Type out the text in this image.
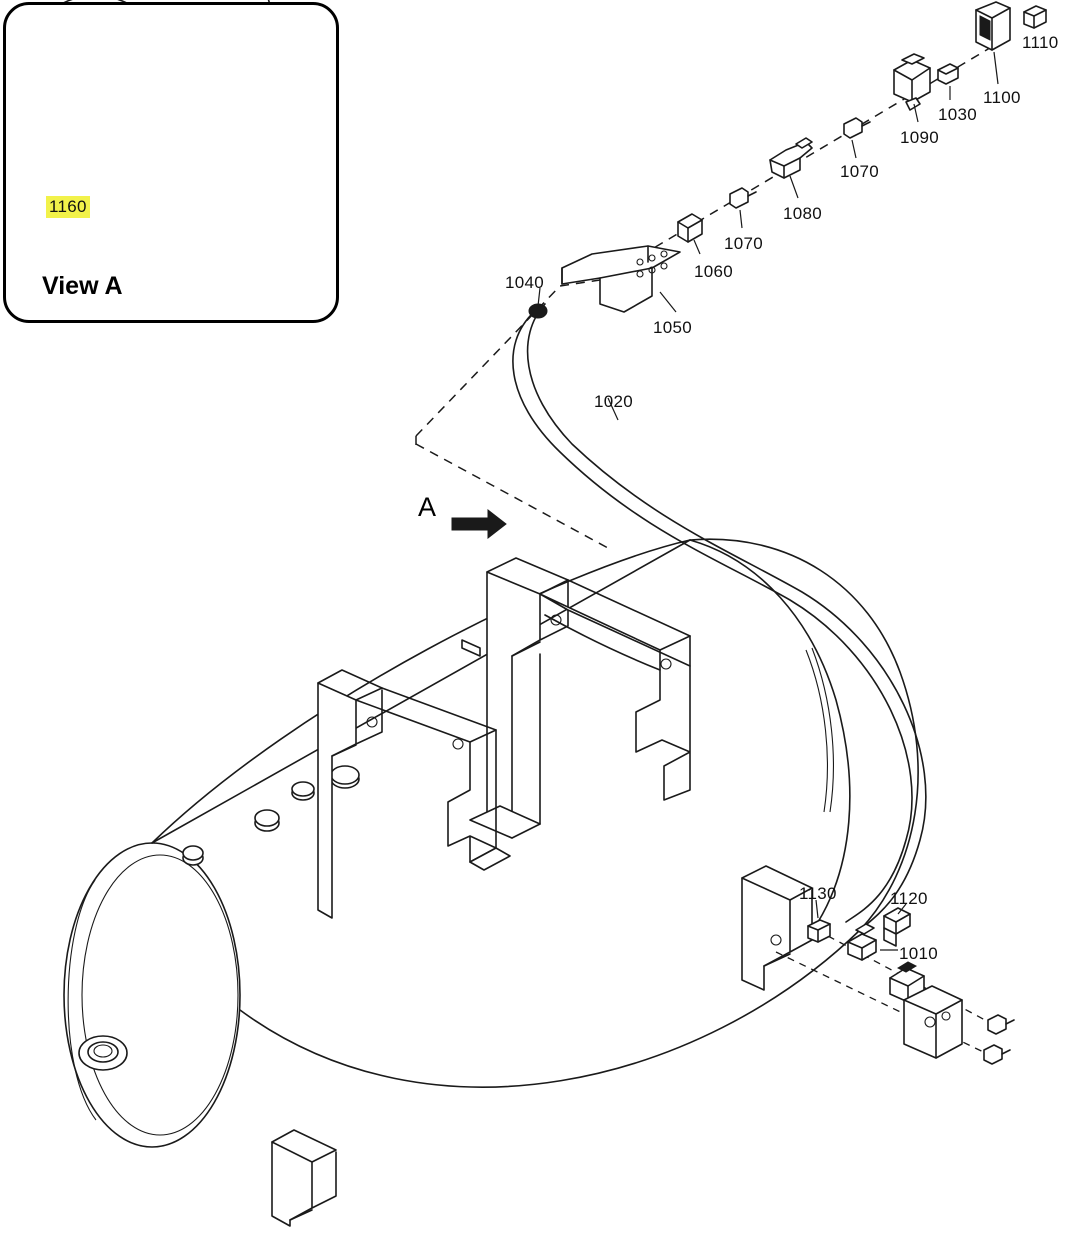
1160
View A
1110
1100
1030
1090
1070
1080
1070
1060
1050
1040
1020
A
1130	1120
1010
